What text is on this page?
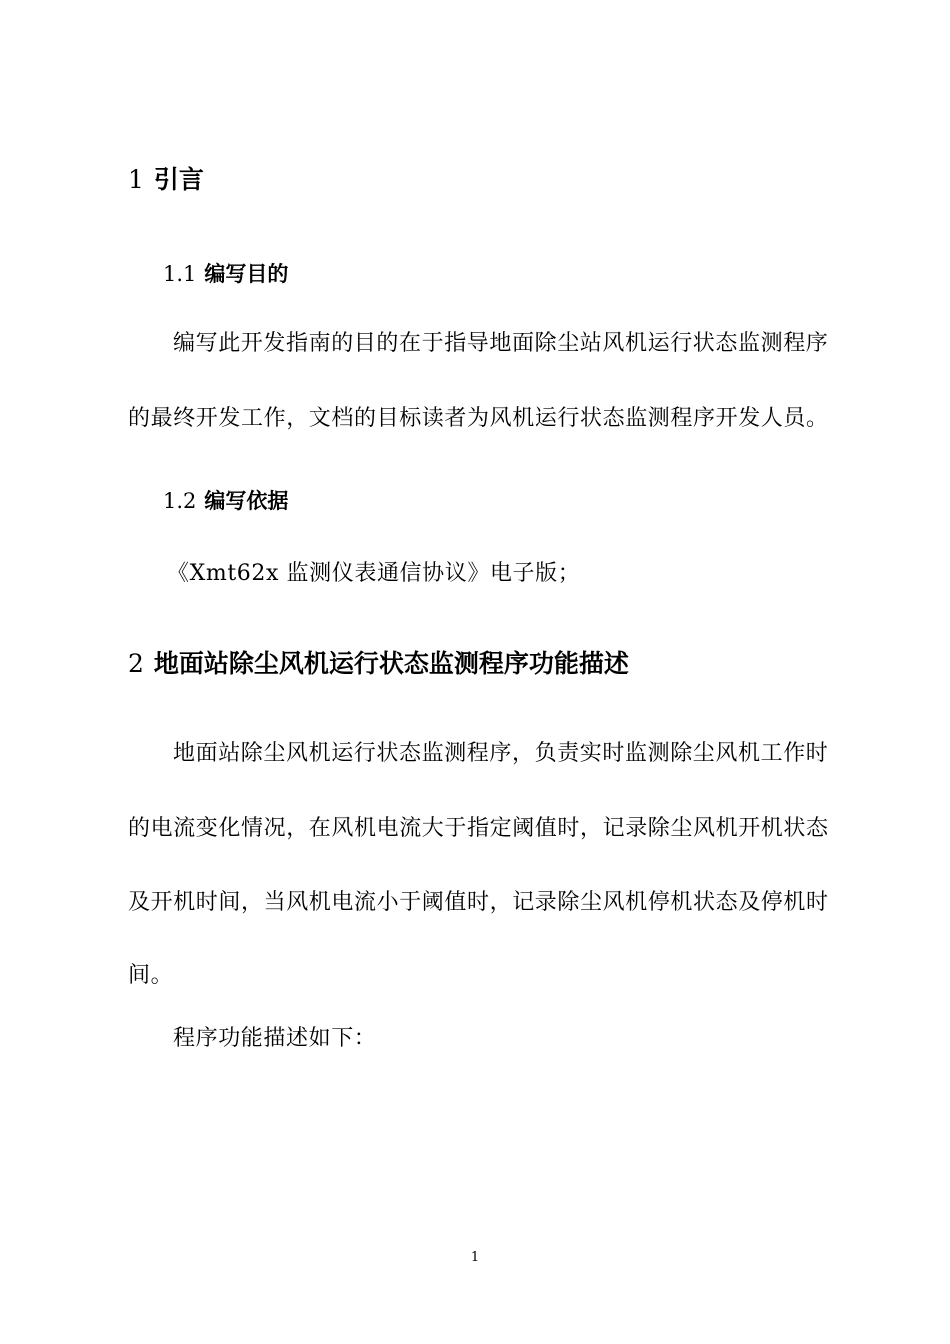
1 引言
1.1 编写目的

编写此开发指南的目的在于指导地面除尘站风机运行状态监测程序

的最终开发工作，文档的目标读者为风机运行状态监测程序开发人员。

1.2 编写依据

《Xmt62x 监测仪表通信协议》电子版；

2 地面站除尘风机运行状态监测程序功能描述

地面站除尘风机运行状态监测程序，负责实时监测除尘风机工作时

的电流变化情况，在风机电流大于指定阈值时，记录除尘风机开机状态

及开机时间，当风机电流小于阈值时，记录除尘风机停机状态及停机时

间。

程序功能描述如下：

1
